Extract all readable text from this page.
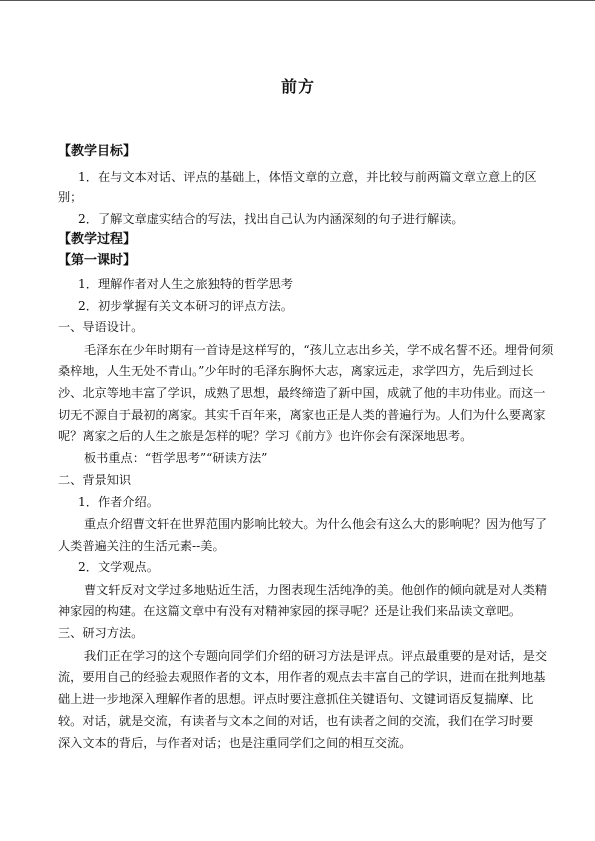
前方
【教学目标】
1．在与文本对话、评点的基础上，体悟文章的立意，并比较与前两篇文章立意上的区
别；
2．了解文章虚实结合的写法，找出自己认为内涵深刻的句子进行解读。
【教学过程】
【第一课时】
1．理解作者对人生之旅独特的哲学思考
2．初步掌握有关文本研习的评点方法。
一、导语设计。
毛泽东在少年时期有一首诗是这样写的，“孩儿立志出乡关，学不成名誓不还。埋骨何须
桑梓地，人生无处不青山。”少年时的毛泽东胸怀大志，离家远走，求学四方，先后到过长
沙、北京等地丰富了学识，成熟了思想，最终缔造了新中国，成就了他的丰功伟业。而这一
切无不源自于最初的离家。其实千百年来，离家也正是人类的普遍行为。人们为什么要离家
呢？离家之后的人生之旅是怎样的呢？学习《前方》也许你会有深深地思考。
板书重点：“哲学思考”“研读方法”
二、背景知识
1．作者介绍。
重点介绍曹文轩在世界范围内影响比较大。为什么他会有这么大的影响呢？因为他写了
人类普遍关注的生活元素--美。
2．文学观点。
曹文轩反对文学过多地贴近生活，力图表现生活纯净的美。他创作的倾向就是对人类精
神家园的构建。在这篇文章中有没有对精神家园的探寻呢？还是让我们来品读文章吧。
三、研习方法。
我们正在学习的这个专题向同学们介绍的研习方法是评点。评点最重要的是对话，是交
流，要用自己的经验去观照作者的文本，用作者的观点去丰富自己的学识，进而在批判地基
础上进一步地深入理解作者的思想。评点时要注意抓住关键语句、文键词语反复揣摩、比
较。对话，就是交流，有读者与文本之间的对话，也有读者之间的交流，我们在学习时要
深入文本的背后，与作者对话；也是注重同学们之间的相互交流。
